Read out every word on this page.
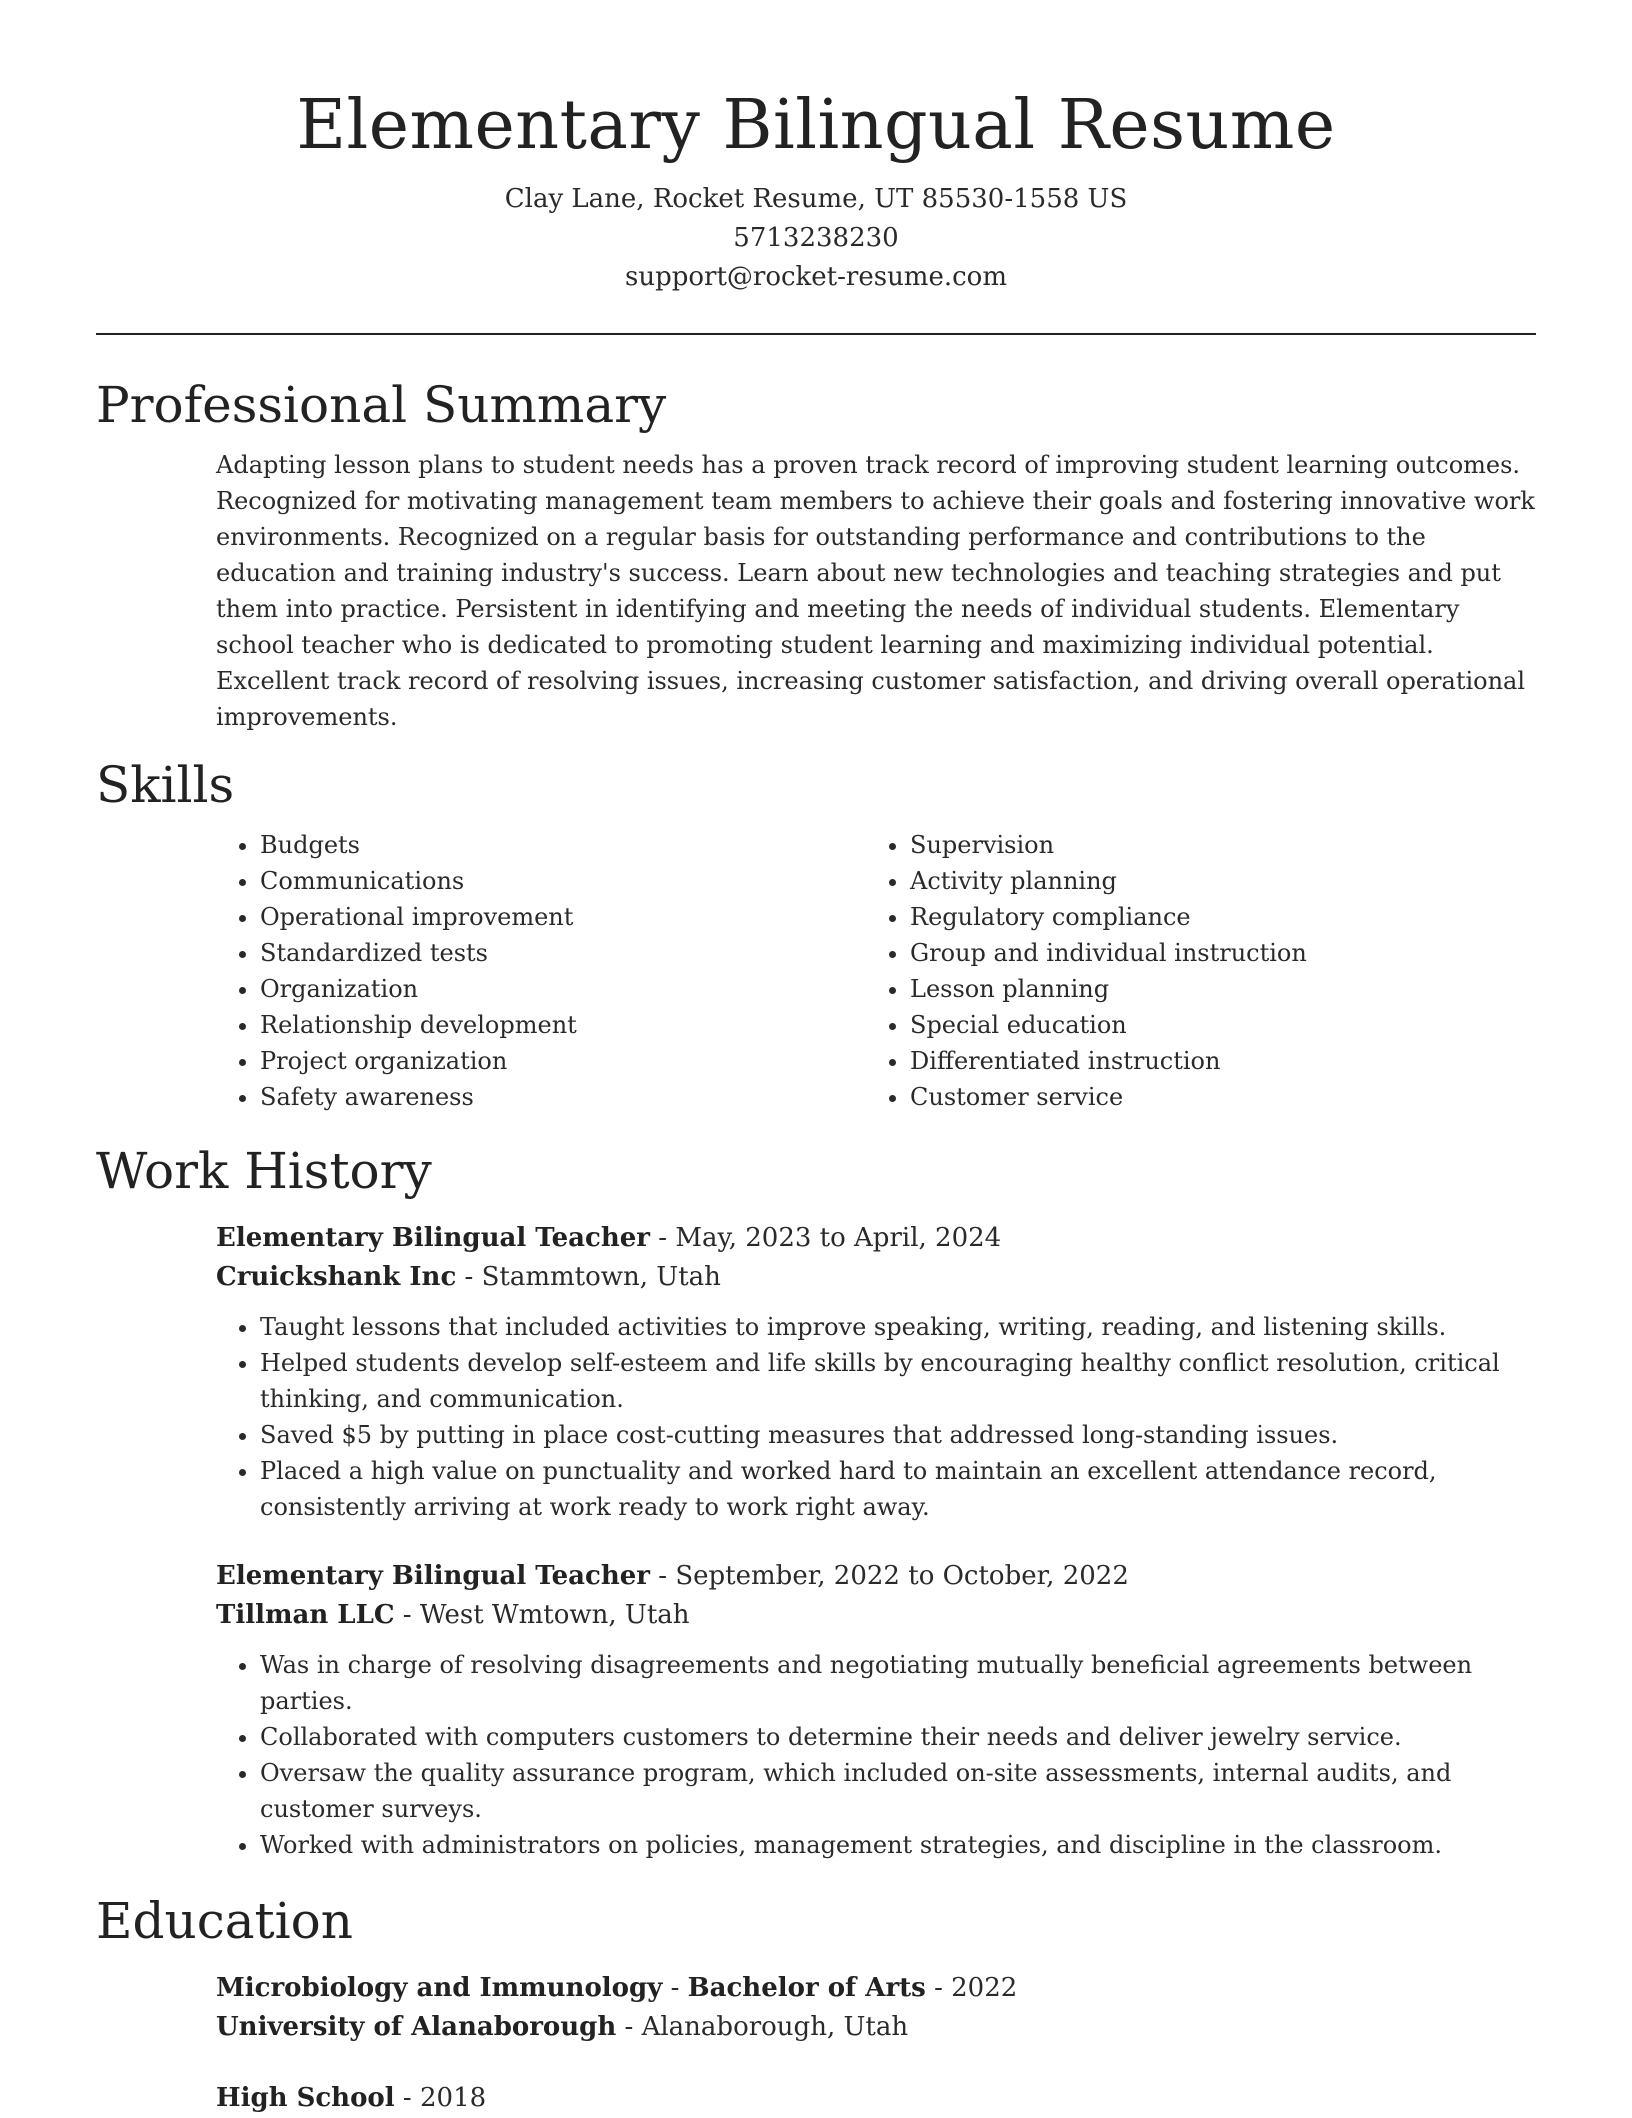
Elementary Bilingual Resume
Clay Lane, Rocket Resume, UT 85530-1558 US
5713238230
support@rocket-resume.com
Professional Summary
Adapting lesson plans to student needs has a proven track record of improving student learning outcomes. Recognized for motivating management team members to achieve their goals and fostering innovative work environments. Recognized on a regular basis for outstanding performance and contributions to the education and training industry's success. Learn about new technologies and teaching strategies and put them into practice. Persistent in identifying and meeting the needs of individual students. Elementary school teacher who is dedicated to promoting student learning and maximizing individual potential. Excellent track record of resolving issues, increasing customer satisfaction, and driving overall operational improvements.
Skills
• Budgets
• Communications
• Operational improvement
• Standardized tests
• Organization
• Relationship development
• Project organization
• Safety awareness
• Supervision
• Activity planning
• Regulatory compliance
• Group and individual instruction
• Lesson planning
• Special education
• Differentiated instruction
• Customer service
Work History
Elementary Bilingual Teacher - May, 2023 to April, 2024
Cruickshank Inc - Stammtown, Utah
• Taught lessons that included activities to improve speaking, writing, reading, and listening skills.
• Helped students develop self-esteem and life skills by encouraging healthy conflict resolution, critical thinking, and communication.
• Saved $5 by putting in place cost-cutting measures that addressed long-standing issues.
• Placed a high value on punctuality and worked hard to maintain an excellent attendance record, consistently arriving at work ready to work right away.
Elementary Bilingual Teacher - September, 2022 to October, 2022
Tillman LLC - West Wmtown, Utah
• Was in charge of resolving disagreements and negotiating mutually beneficial agreements between parties.
• Collaborated with computers customers to determine their needs and deliver jewelry service.
• Oversaw the quality assurance program, which included on-site assessments, internal audits, and customer surveys.
• Worked with administrators on policies, management strategies, and discipline in the classroom.
Education
Microbiology and Immunology - Bachelor of Arts - 2022
University of Alanaborough - Alanaborough, Utah
High School - 2018
